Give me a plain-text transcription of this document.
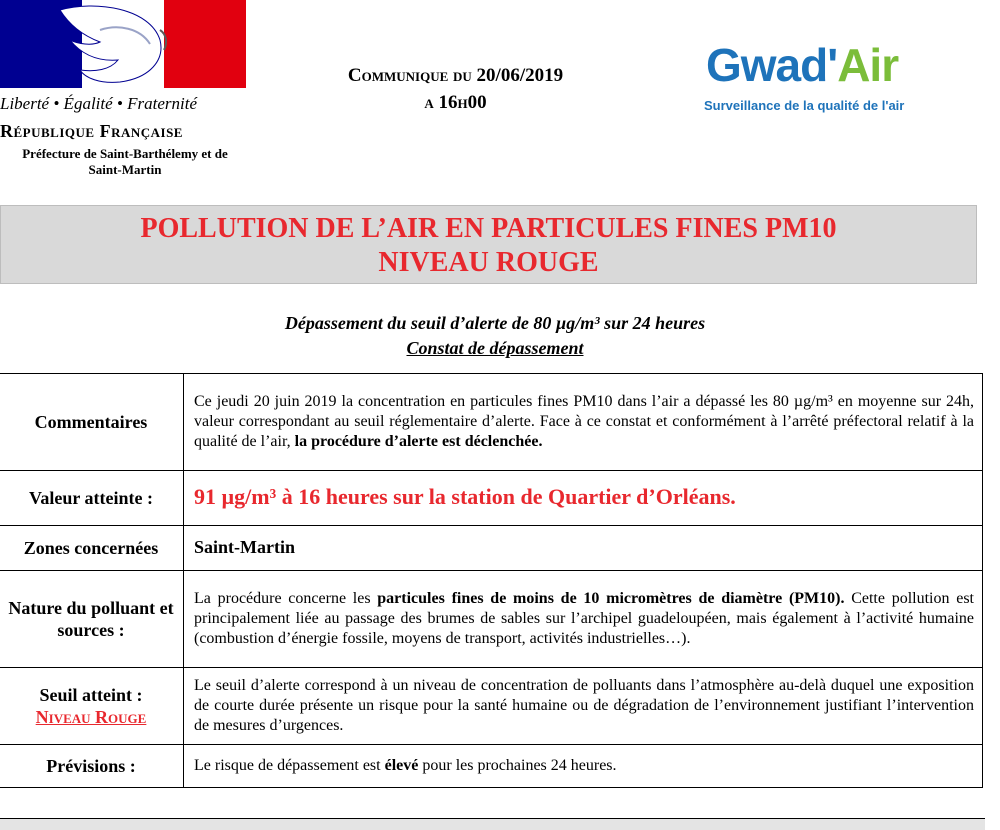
Liberté • Égalité • Fraternité
République Française
Préfecture de Saint-Barthélemy et de
Saint-Martin
Communique du 20/06/2019
a 16h00
Gwad'Air
Surveillance de la qualité de l'air
POLLUTION DE L’AIR EN PARTICULES FINES PM10
NIVEAU ROUGE
Dépassement du seuil d’alerte de 80 µg/m³ sur 24 heures
Constat de dépassement
Commentaires	Ce jeudi 20 juin 2019 la concentration en particules fines PM10 dans l’air a dépassé les 80 µg/m³ en moyenne sur 24h, valeur correspondant au seuil réglementaire d’alerte. Face à ce constat et conformément à l’arrêté préfectoral relatif à la qualité de l’air, la procédure d’alerte est déclenchée.
Valeur atteinte :	91 µg/m³ à 16 heures sur la station de Quartier d’Orléans.
Zones concernées	Saint-Martin
Nature du polluant et sources :	La procédure concerne les particules fines de moins de 10 micromètres de diamètre (PM10). Cette pollution est principalement liée au passage des brumes de sables sur l’archipel guadeloupéen, mais également à l’activité humaine (combustion d’énergie fossile, moyens de transport, activités industrielles…).

Seuil atteint :
Niveau Rouge	Le seuil d’alerte correspond à un niveau de concentration de polluants dans l’atmosphère au-delà duquel une exposition de courte durée présente un risque pour la santé humaine ou de dégradation de l’environnement justifiant l’intervention de mesures d’urgences.
Prévisions :	Le risque de dépassement est élevé pour les prochaines 24 heures.
